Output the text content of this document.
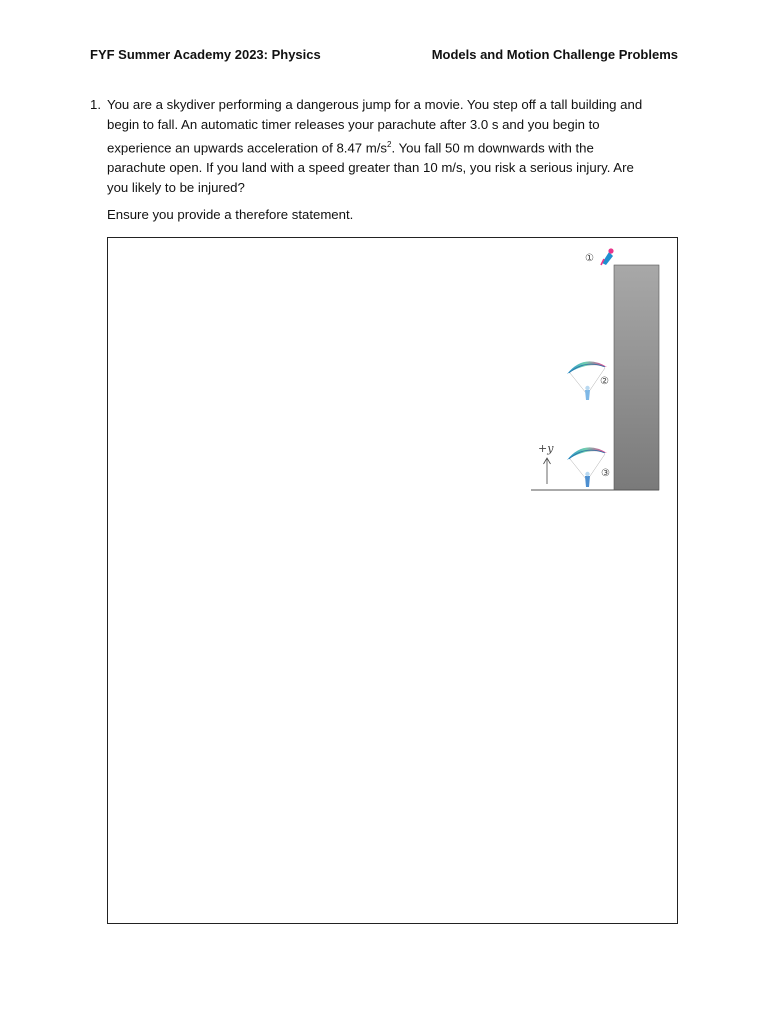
FYF Summer Academy 2023: Physics	Models and Motion Challenge Problems
1. You are a skydiver performing a dangerous jump for a movie. You step off a tall building and
begin to fall. An automatic timer releases your parachute after 3.0 s and you begin to
experience an upwards acceleration of 8.47 $m/s^2$. You fall 50 m downwards with the
parachute open. If you land with a speed greater than 10 m/s, you risk a serious injury. Are
you likely to be injured?
Ensure you provide a therefore statement.
①
②
③
+y
